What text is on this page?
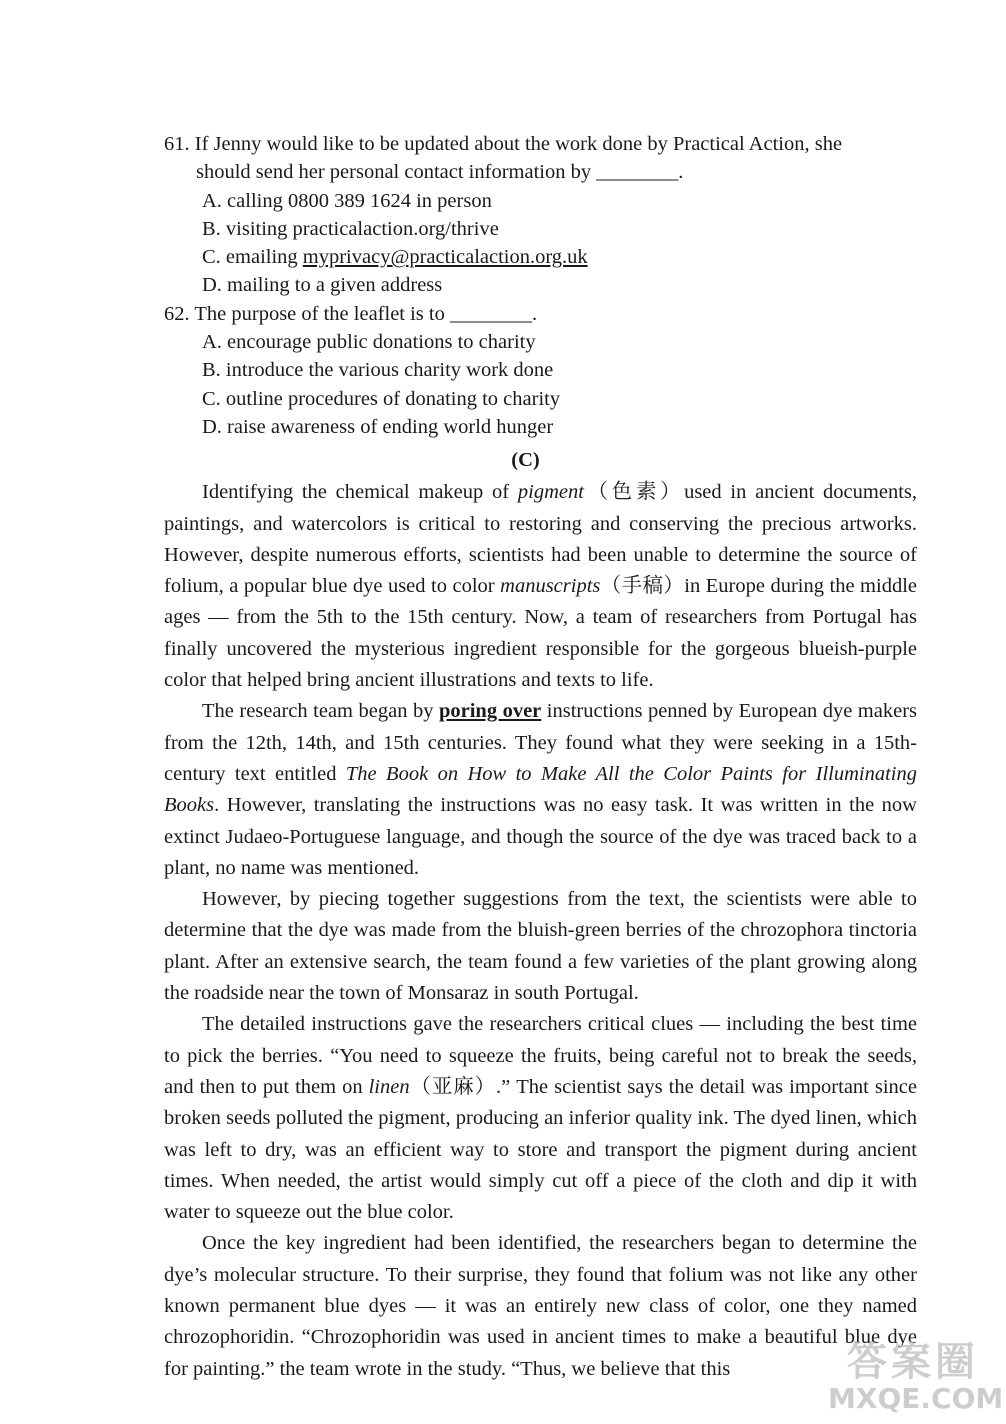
61. If Jenny would like to be updated about the work done by Practical Action, she
should send her personal contact information by ________.
A. calling 0800 389 1624 in person
B. visiting practicalaction.org/thrive
C. emailing myprivacy@practicalaction.org.uk
D. mailing to a given address
62. The purpose of the leaflet is to ________.
A. encourage public donations to charity
B. introduce the various charity work done
C. outline procedures of donating to charity
D. raise awareness of ending world hunger
(C)

Identifying the chemical makeup of pigment（色素）used in ancient documents, paintings, and watercolors is critical to restoring and conserving the precious artworks. However, despite numerous efforts, scientists had been unable to determine the source of folium, a popular blue dye used to color manuscripts（手稿）in Europe during the middle ages — from the 5th to the 15th century. Now, a team of researchers from Portugal has finally uncovered the mysterious ingredient responsible for the gorgeous blueish-purple color that helped bring ancient illustrations and texts to life.

The research team began by poring over instructions penned by European dye makers from the 12th, 14th, and 15th centuries. They found what they were seeking in a 15th-century text entitled The Book on How to Make All the Color Paints for Illuminating Books. However, translating the instructions was no easy task. It was written in the now extinct Judaeo-Portuguese language, and though the source of the dye was traced back to a plant, no name was mentioned.

However, by piecing together suggestions from the text, the scientists were able to determine that the dye was made from the bluish-green berries of the chrozophora tinctoria plant. After an extensive search, the team found a few varieties of the plant growing along the roadside near the town of Monsaraz in south Portugal.

The detailed instructions gave the researchers critical clues — including the best time to pick the berries. “You need to squeeze the fruits, being careful not to break the seeds, and then to put them on linen（亚麻）.” The scientist says the detail was important since broken seeds polluted the pigment, producing an inferior quality ink. The dyed linen, which was left to dry, was an efficient way to store and transport the pigment during ancient times. When needed, the artist would simply cut off a piece of the cloth and dip it with water to squeeze out the blue color.

Once the key ingredient had been identified, the researchers began to determine the dye’s molecular structure. To their surprise, they found that folium was not like any other known permanent blue dyes — it was an entirely new class of color, one they named chrozophoridin. “Chrozophoridin was used in ancient times to make a beautiful blue dye for painting.” the team wrote in the study. “Thus, we believe that this	答案圈
MXQE.COM
